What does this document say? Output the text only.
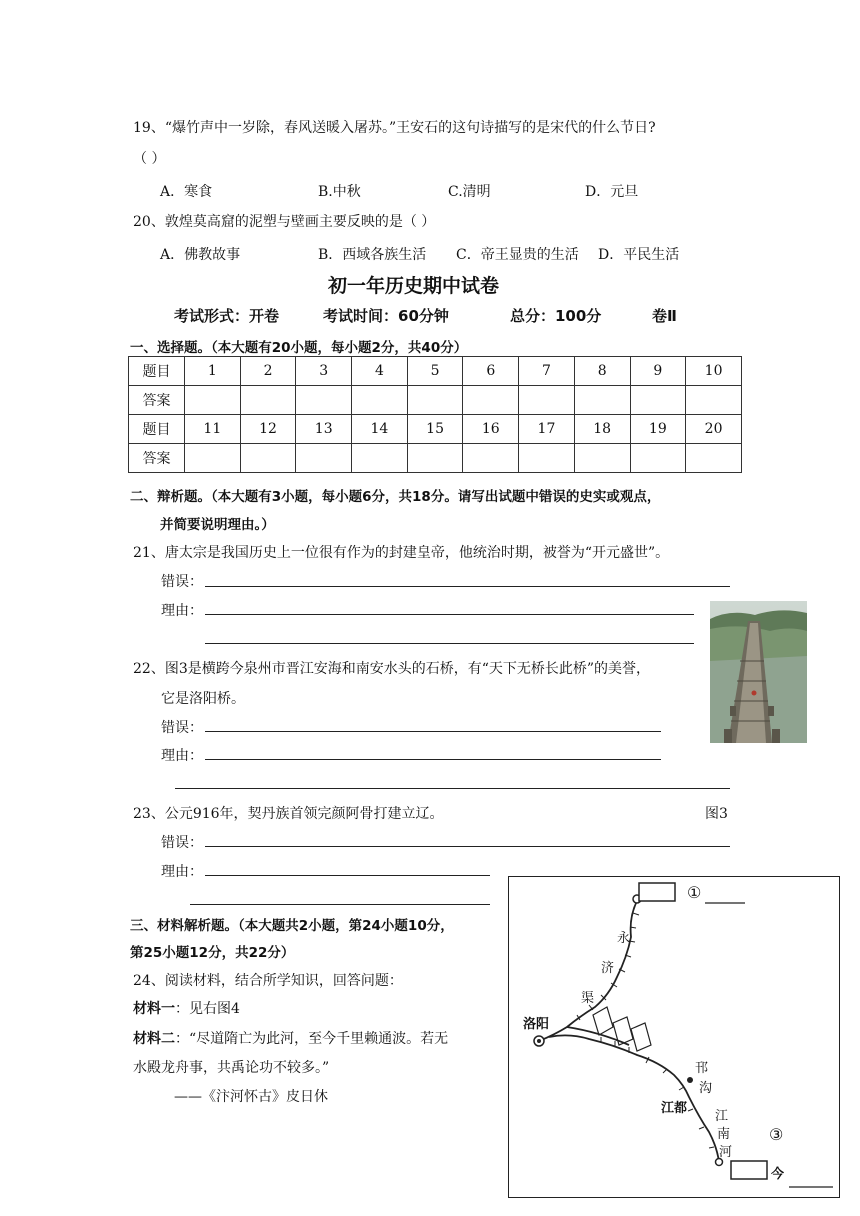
19、“爆竹声中一岁除，春风送暖入屠苏。”王安石的这句诗描写的是宋代的什么节日?
（ ）
A．寒食	B.中秋	C.清明	D．元旦
20、敦煌莫高窟的泥塑与壁画主要反映的是（ ）
A．佛教故事	B．西域各族生活 C．帝王显贵的生活 D．平民生活
初一年历史期中试卷
考试形式：开卷	考试时间：60分钟	总分：100分	卷Ⅱ
一、选择题。（本大题有20小题，每小题2分，共40分）
题目	1	2	3	4	5	6	7	8	9	10
答案										
题目	11	12	13	14	15	16	17	18	19	20
答案										
二、辩析题。（本大题有3小题，每小题6分，共18分。请写出试题中错误的史实或观点，
并简要说明理由。）
21、唐太宗是我国历史上一位很有作为的封建皇帝，他统治时期，被誉为“开元盛世”。
错误：
理由：
22、图3是横跨今泉州市晋江安海和南安水头的石桥，有“天下无桥长此桥”的美誉，
它是洛阳桥。
错误：
理由：
23、公元916年，契丹族首领完颜阿骨打建立辽。	图3
错误：
理由：
三、材料解析题。（本大题共2小题，第24小题10分，
第25小题12分，共22分）
24、阅读材料，结合所学知识，回答问题：
材料一：见右图4
材料二：“尽道隋亡为此河，至今千里赖通波。若无
水殿龙舟事，共禹论功不较多。”
——《汴河怀古》皮日休
①
③
洛阳
江都
今
永
济
渠
邗
沟
江
南
河
